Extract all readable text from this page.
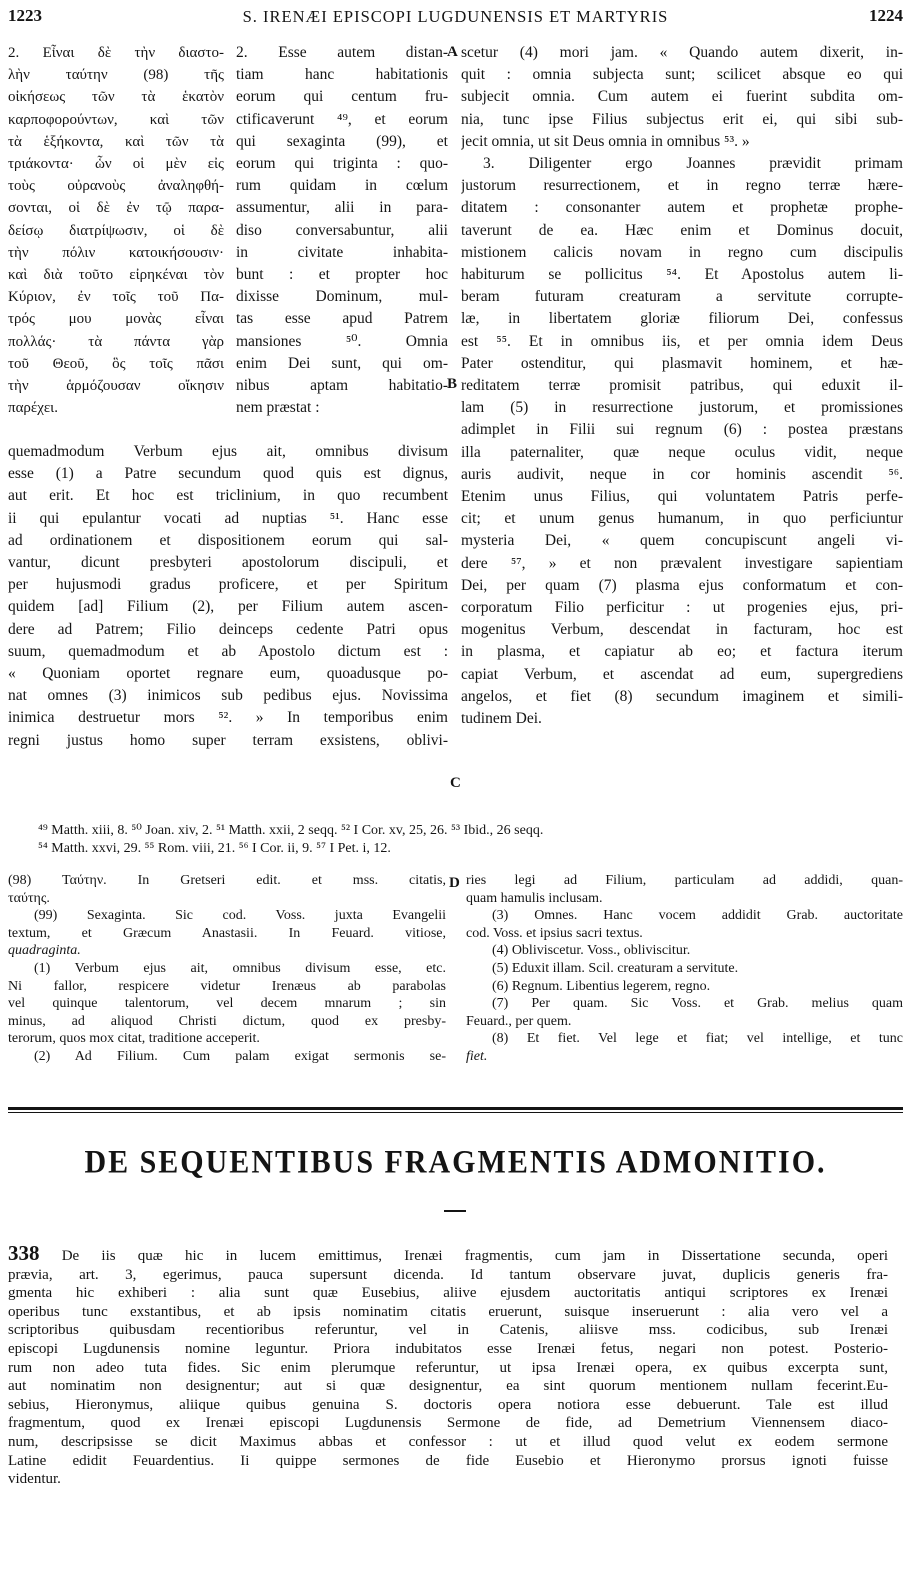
1223	S. IRENÆI EPISCOPI LUGDUNENSIS ET MARTYRIS	1224
2. Εἶναι δὲ τὴν διαστο-
λὴν ταύτην (98) τῆς
οἰκήσεως τῶν τὰ ἑκατὸν
καρποφορούντων, καὶ τῶν
τὰ ἑξήκοντα, καὶ τῶν τὰ
τριάκοντα· ὧν οἱ μὲν εἰς
τοὺς οὐρανοὺς ἀναληφθή-
σονται, οἱ δὲ ἐν τῷ παρα-
δείσῳ διατρίψωσιν, οἱ δὲ
τὴν πόλιν κατοικήσουσιν·
καὶ διὰ τοῦτο εἰρηκέναι τὸν
Κύριον, ἐν τοῖς τοῦ Πα-
τρός μου μονὰς εἶναι
πολλάς· τὰ πάντα γὰρ
τοῦ Θεοῦ, ὃς τοῖς πᾶσι
τὴν ἁρμόζουσαν οἴκησιν
παρέχει.
2. Esse autem distan-
tiam hanc habitationis
eorum qui centum fru-
ctificaverunt ⁴⁹, et eorum
qui sexaginta (99), et
eorum qui triginta : quo-
rum quidam in cœlum
assumentur, alii in para-
diso conversabuntur, alii
in civitate inhabita-
bunt : et propter hoc
dixisse Dominum, mul-
tas esse apud Patrem
mansiones ⁵⁰. Omnia
enim Dei sunt, qui om-
nibus aptam habitatio-
nem præstat :
quemadmodum Verbum ejus ait, omnibus divisum
esse (1) a Patre secundum quod quis est dignus,
aut erit. Et hoc est triclinium, in quo recumbent
ii qui epulantur vocati ad nuptias ⁵¹. Hanc esse
ad ordinationem et dispositionem eorum qui sal-
vantur, dicunt presbyteri apostolorum discipuli, et
per hujusmodi gradus proficere, et per Spiritum
quidem [ad] Filium (2), per Filium autem ascen-
dere ad Patrem; Filio deinceps cedente Patri opus
suum, quemadmodum et ab Apostolo dictum est :
« Quoniam oportet regnare eum, quoadusque po-
nat omnes (3) inimicos sub pedibus ejus. Novissima
inimica destruetur mors ⁵². » In temporibus enim
regni justus homo super terram exsistens, oblivi-
scetur (4) mori jam. « Quando autem dixerit, in-
quit : omnia subjecta sunt; scilicet absque eo qui
subjecit omnia. Cum autem ei fuerint subdita om-
nia, tunc ipse Filius subjectus erit ei, qui sibi sub-
jecit omnia, ut sit Deus omnia in omnibus ⁵³. »
3. Diligenter ergo Joannes prævidit primam
justorum resurrectionem, et in regno terræ hære-
ditatem : consonanter autem et prophetæ prophe-
taverunt de ea. Hæc enim et Dominus docuit,
mistionem calicis novam in regno cum discipulis
habiturum se pollicitus ⁵⁴. Et Apostolus autem li-
beram futuram creaturam a servitute corrupte-
læ, in libertatem gloriæ filiorum Dei, confessus
est ⁵⁵. Et in omnibus iis, et per omnia idem Deus
Pater ostenditur, qui plasmavit hominem, et hæ-
reditatem terræ promisit patribus, qui eduxit il-
lam (5) in resurrectione justorum, et promissiones
adimplet in Filii sui regnum (6) : postea præstans
illa paternaliter, quæ neque oculus vidit, neque
auris audivit, neque in cor hominis ascendit ⁵⁶.
Etenim unus Filius, qui voluntatem Patris perfe-
cit; et unum genus humanum, in quo perficiuntur
mysteria Dei, « quem concupiscunt angeli vi-
dere ⁵⁷, » et non prævalent investigare sapientiam
Dei, per quam (7) plasma ejus conformatum et con-
corporatum Filio perficitur : ut progenies ejus, pri-
mogenitus Verbum, descendat in facturam, hoc est
in plasma, et capiatur ab eo; et factura iterum
capiat Verbum, et ascendat ad eum, supergrediens
angelos, et fiet (8) secundum imaginem et simili-
tudinem Dei.
A
B
C
D
⁴⁹ Matth. xiii, 8. ⁵⁰ Joan. xiv, 2. ⁵¹ Matth. xxii, 2 seqq. ⁵² I Cor. xv, 25, 26. ⁵³ Ibid., 26 seqq.
⁵⁴ Matth. xxvi, 29. ⁵⁵ Rom. viii, 21. ⁵⁶ I Cor. ii, 9. ⁵⁷ I Pet. i, 12.
(98) Ταύτην. In Gretseri edit. et mss. citatis,
ταύτης.
(99) Sexaginta. Sic cod. Voss. juxta Evangelii
textum, et Græcum Anastasii. In Feuard. vitiose,
quadraginta.
(1) Verbum ejus ait, omnibus divisum esse, etc.
Ni fallor, respicere videtur Irenæus ab parabolas
vel quinque talentorum, vel decem mnarum ; sin
minus, ad aliquod Christi dictum, quod ex presby-
terorum, quos mox citat, traditione acceperit.
(2) Ad Filium. Cum palam exigat sermonis se-
ries legi ad Filium, particulam ad addidi, quan-
quam hamulis inclusam.
(3) Omnes. Hanc vocem addidit Grab. auctoritate
cod. Voss. et ipsius sacri textus.
(4) Obliviscetur. Voss., obliviscitur.
(5) Eduxit illam. Scil. creaturam a servitute.
(6) Regnum. Libentius legerem, regno.
(7) Per quam. Sic Voss. et Grab. melius quam
Feuard., per quem.
(8) Et fiet. Vel lege et fiat; vel intellige, et tunc
fiet.
DE SEQUENTIBUS FRAGMENTIS ADMONITIO.
338 De iis quæ hic in lucem emittimus, Irenæi fragmentis, cum jam in Dissertatione secunda, operi
prævia, art. 3, egerimus, pauca supersunt dicenda. Id tantum observare juvat, duplicis generis fra-
gmenta hic exhiberi : alia sunt quæ Eusebius, aliive ejusdem auctoritatis antiqui scriptores ex Irenæi
operibus tunc exstantibus, et ab ipsis nominatim citatis eruerunt, suisque inseruerunt : alia vero vel a
scriptoribus quibusdam recentioribus referuntur, vel in Catenis, aliisve mss. codicibus, sub Irenæi
episcopi Lugdunensis nomine leguntur. Priora indubitatos esse Irenæi fetus, negari non potest. Posterio-
rum non adeo tuta fides. Sic enim plerumque referuntur, ut ipsa Irenæi opera, ex quibus excerpta sunt,
aut nominatim non designentur; aut si quæ designentur, ea sint quorum mentionem nullam fecerint.Eu-
sebius, Hieronymus, aliique quibus genuina S. doctoris opera notiora esse debuerunt. Tale est illud
fragmentum, quod ex Irenæi episcopi Lugdunensis Sermone de fide, ad Demetrium Viennensem diaco-
num, descripsisse se dicit Maximus abbas et confessor : ut et illud quod velut ex eodem sermone
Latine edidit Feuardentius. Ii quippe sermones de fide Eusebio et Hieronymo prorsus ignoti fuisse
videntur.
